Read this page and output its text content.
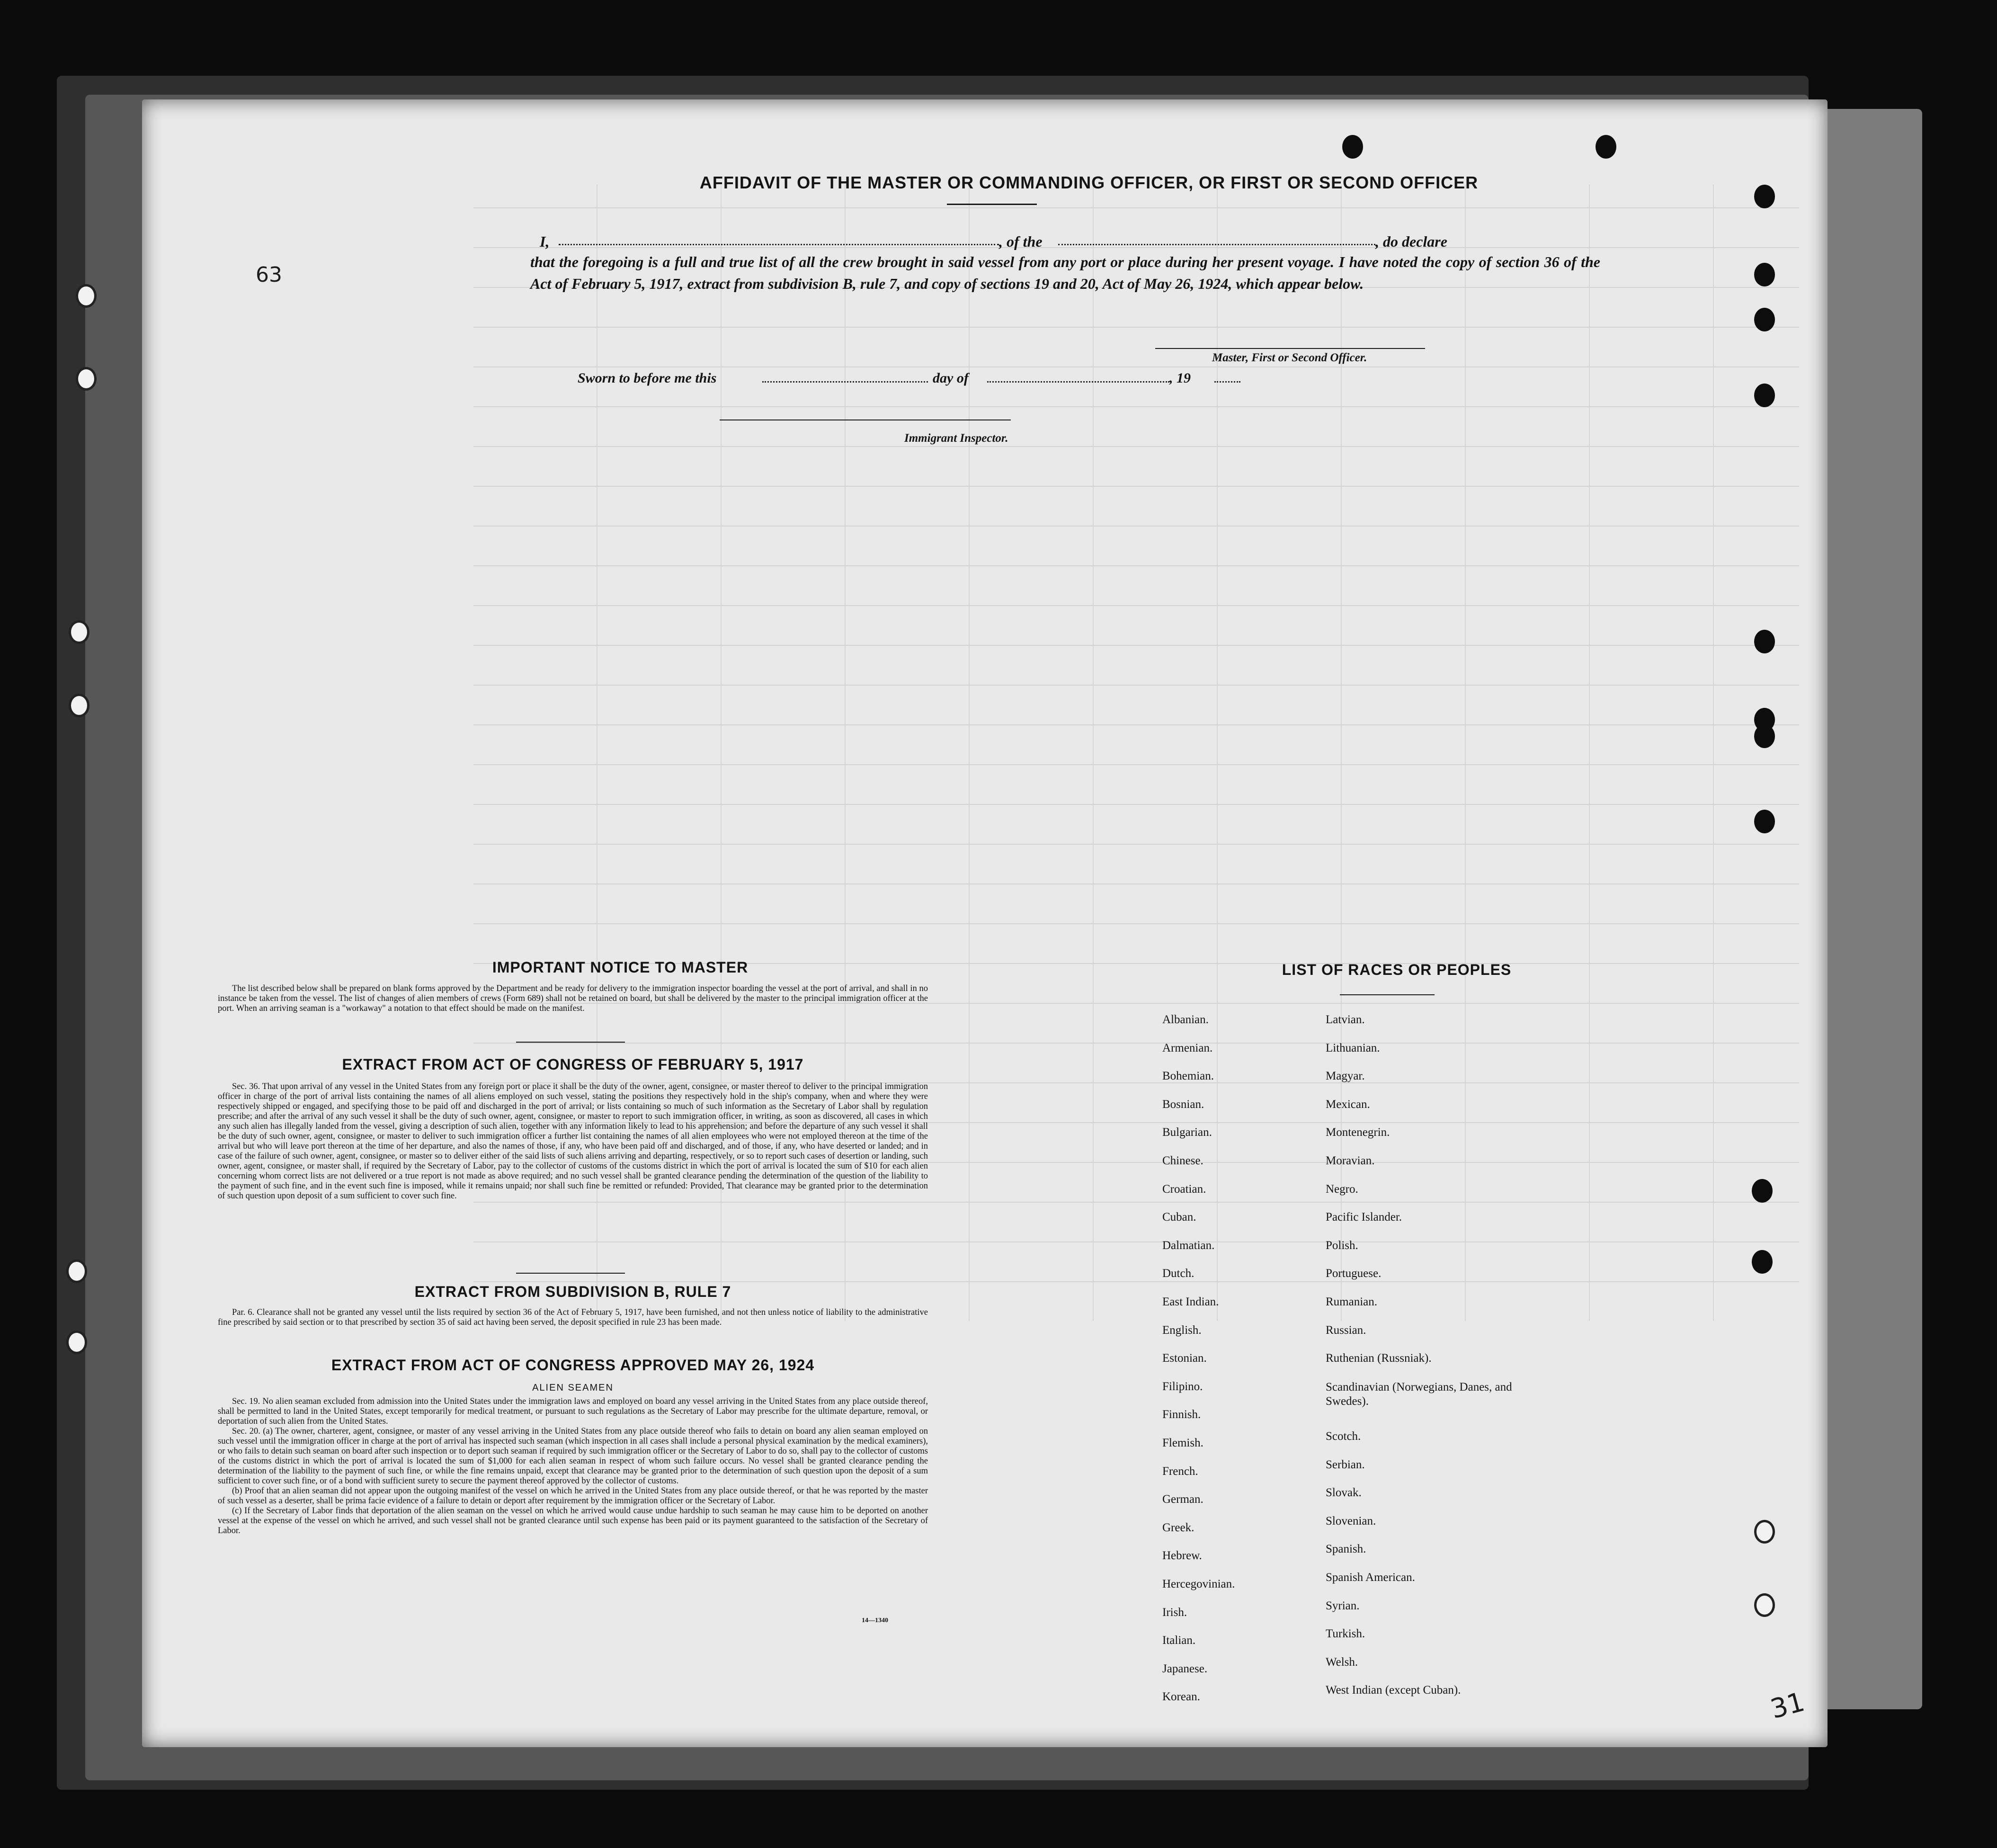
63
31
AFFIDAVIT OF THE MASTER OR COMMANDING OFFICER, OR FIRST OR SECOND OFFICER
I,	, of the	, do declare
that the foregoing is a full and true list of all the crew brought in said vessel from any port or place during her present voyage. I have noted the copy of section 36 of the Act of February 5, 1917, extract from subdivision B, rule 7, and copy of sections 19 and 20, Act of May 26, 1924, which appear below.
Master, First or Second Officer.
Sworn to before me this	day of	, 19
Immigrant Inspector.
IMPORTANT NOTICE TO MASTER

The list described below shall be prepared on blank forms approved by the Department and be ready for delivery to the immigration inspector boarding the vessel at the port of arrival, and shall in no instance be taken from the vessel. The list of changes of alien members of crews (Form 689) shall not be retained on board, but shall be delivered by the master to the principal immigration officer at the port. When an arriving seaman is a "workaway" a notation to that effect should be made on the manifest.

EXTRACT FROM ACT OF CONGRESS OF FEBRUARY 5, 1917

Sec. 36. That upon arrival of any vessel in the United States from any foreign port or place it shall be the duty of the owner, agent, consignee, or master thereof to deliver to the principal immigration officer in charge of the port of arrival lists containing the names of all aliens employed on such vessel, stating the positions they respectively hold in the ship's company, when and where they were respectively shipped or engaged, and specifying those to be paid off and discharged in the port of arrival; or lists containing so much of such information as the Secretary of Labor shall by regulation prescribe; and after the arrival of any such vessel it shall be the duty of such owner, agent, consignee, or master to report to such immigration officer, in writing, as soon as discovered, all cases in which any such alien has illegally landed from the vessel, giving a description of such alien, together with any information likely to lead to his apprehension; and before the departure of any such vessel it shall be the duty of such owner, agent, consignee, or master to deliver to such immigration officer a further list containing the names of all alien employees who were not employed thereon at the time of the arrival but who will leave port thereon at the time of her departure, and also the names of those, if any, who have been paid off and discharged, and of those, if any, who have deserted or landed; and in case of the failure of such owner, agent, consignee, or master so to deliver either of the said lists of such aliens arriving and departing, respectively, or so to report such cases of desertion or landing, such owner, agent, consignee, or master shall, if required by the Secretary of Labor, pay to the collector of customs of the customs district in which the port of arrival is located the sum of $10 for each alien concerning whom correct lists are not delivered or a true report is not made as above required; and no such vessel shall be granted clearance pending the determination of the question of the liability to the payment of such fine, and in the event such fine is imposed, while it remains unpaid; nor shall such fine be remitted or refunded: Provided, That clearance may be granted prior to the determination of such question upon deposit of a sum sufficient to cover such fine.

EXTRACT FROM SUBDIVISION B, RULE 7

Par. 6. Clearance shall not be granted any vessel until the lists required by section 36 of the Act of February 5, 1917, have been furnished, and not then unless notice of liability to the administrative fine prescribed by said section or to that prescribed by section 35 of said act having been served, the deposit specified in rule 23 has been made.

EXTRACT FROM ACT OF CONGRESS APPROVED MAY 26, 1924
ALIEN SEAMEN

Sec. 19. No alien seaman excluded from admission into the United States under the immigration laws and employed on board any vessel arriving in the United States from any place outside thereof, shall be permitted to land in the United States, except temporarily for medical treatment, or pursuant to such regulations as the Secretary of Labor may prescribe for the ultimate departure, removal, or deportation of such alien from the United States.

Sec. 20. (a) The owner, charterer, agent, consignee, or master of any vessel arriving in the United States from any place outside thereof who fails to detain on board any alien seaman employed on such vessel until the immigration officer in charge at the port of arrival has inspected such seaman (which inspection in all cases shall include a personal physical examination by the medical examiners), or who fails to detain such seaman on board after such inspection or to deport such seaman if required by such immigration officer or the Secretary of Labor to do so, shall pay to the collector of customs of the customs district in which the port of arrival is located the sum of $1,000 for each alien seaman in respect of whom such failure occurs. No vessel shall be granted clearance pending the determination of the liability to the payment of such fine, or while the fine remains unpaid, except that clearance may be granted prior to the determination of such question upon the deposit of a sum sufficient to cover such fine, or of a bond with sufficient surety to secure the payment thereof approved by the collector of customs.

(b) Proof that an alien seaman did not appear upon the outgoing manifest of the vessel on which he arrived in the United States from any place outside thereof, or that he was reported by the master of such vessel as a deserter, shall be prima facie evidence of a failure to detain or deport after requirement by the immigration officer or the Secretary of Labor.

(c) If the Secretary of Labor finds that deportation of the alien seaman on the vessel on which he arrived would cause undue hardship to such seaman he may cause him to be deported on another vessel at the expense of the vessel on which he arrived, and such vessel shall not be granted clearance until such expense has been paid or its payment guaranteed to the satisfaction of the Secretary of Labor.

14—1340
LIST OF RACES OR PEOPLES
Albanian.
Armenian.
Bohemian.
Bosnian.
Bulgarian.
Chinese.
Croatian.
Cuban.
Dalmatian.
Dutch.
East Indian.
English.
Estonian.
Filipino.
Finnish.
Flemish.
French.
German.
Greek.
Hebrew.
Hercegovinian.
Irish.
Italian.
Japanese.
Korean.
Latvian.
Lithuanian.
Magyar.
Mexican.
Montenegrin.
Moravian.
Negro.
Pacific Islander.
Polish.
Portuguese.
Rumanian.
Russian.
Ruthenian (Russniak).
Scandinavian (Norwegians, Danes, and Swedes).
Scotch.
Serbian.
Slovak.
Slovenian.
Spanish.
Spanish American.
Syrian.
Turkish.
Welsh.
West Indian (except Cuban).
